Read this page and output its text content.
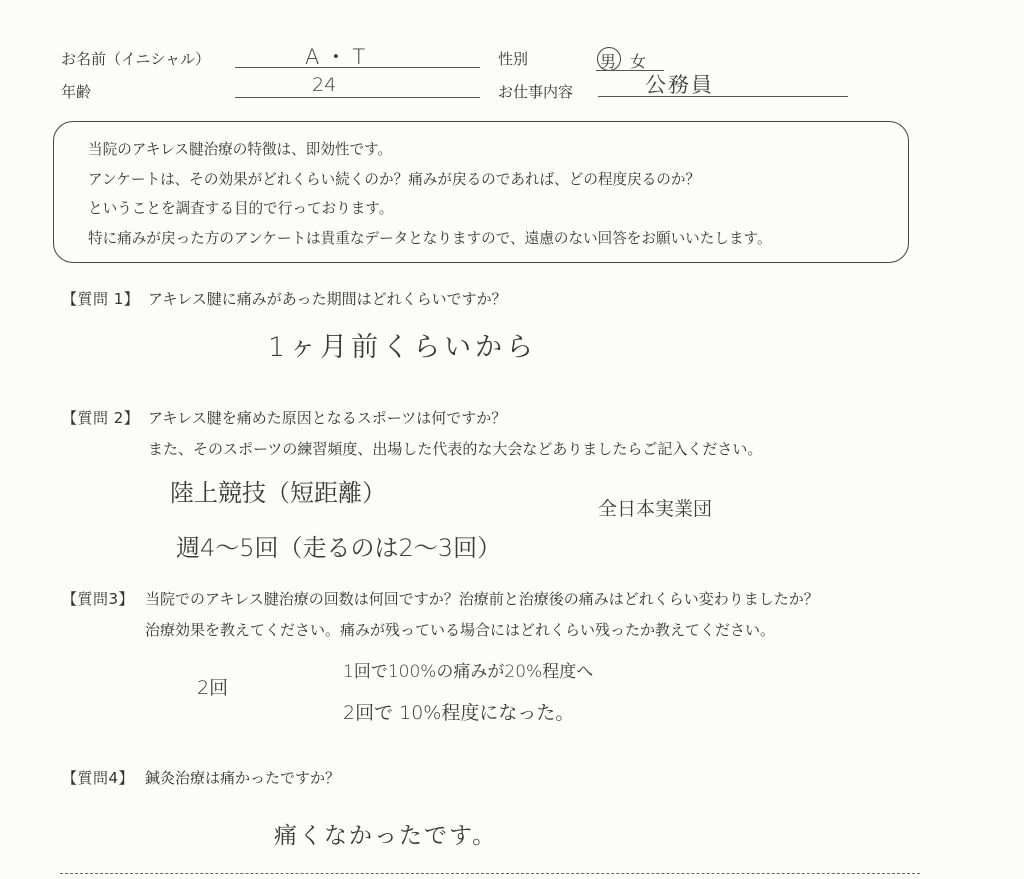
お名前（イニシャル）	A・T	性別	男 女
年齢	24	お仕事内容	公務員

当院のアキレス腱治療の特徴は、即効性です。

アンケートは、その効果がどれくらい続くのか？痛みが戻るのであれば、どの程度戻るのか？

ということを調査する目的で行っております。

特に痛みが戻った方のアンケートは貴重なデータとなりますので、遠慮のない回答をお願いいたします。

【質問 1】 アキレス腱に痛みがあった期間はどれくらいですか？
1ヶ月前くらいから
【質問 2】 アキレス腱を痛めた原因となるスポーツは何ですか？
また、そのスポーツの練習頻度、出場した代表的な大会などありましたらご記入ください。
陸上競技（短距離）
週4〜5回（走るのは2〜3回）
全日本実業団
【質問3】 当院でのアキレス腱治療の回数は何回ですか？治療前と治療後の痛みはどれくらい変わりましたか？
治療効果を教えてください。痛みが残っている場合にはどれくらい残ったか教えてください。
2回
1回で100%の痛みが20%程度へ
2回で 10%程度になった。
【質問4】 鍼灸治療は痛かったですか？
痛くなかったです。
